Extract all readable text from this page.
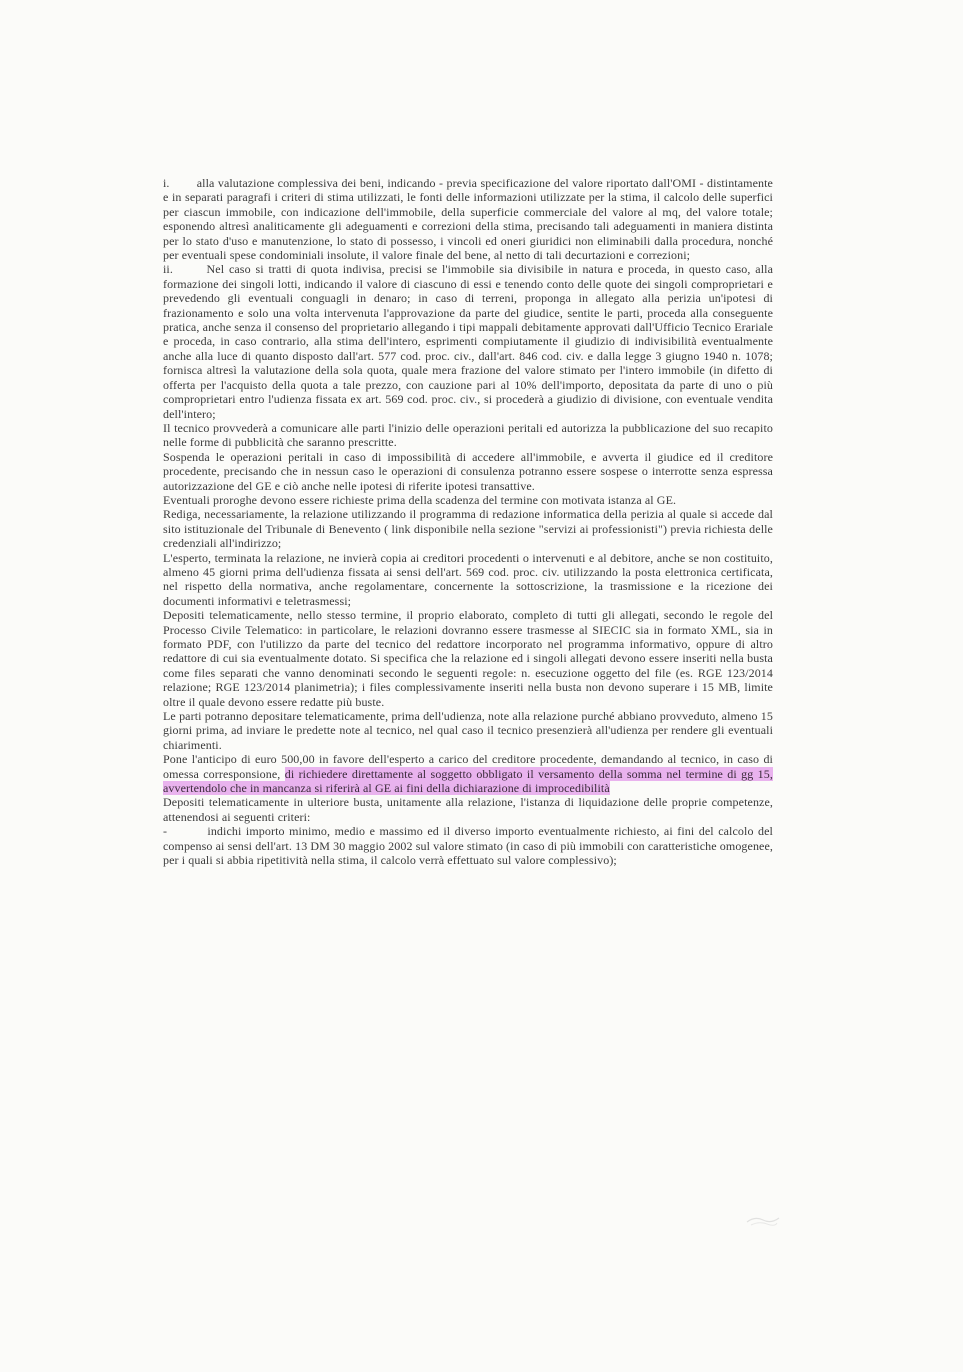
i.        alla valutazione complessiva dei beni, indicando - previa specificazione del valore riportato dall'OMI - distintamente e in separati paragrafi i criteri di stima utilizzati, le fonti delle informazioni utilizzate per la stima, il calcolo delle superfici per ciascun immobile, con indicazione dell'immobile, della superficie commerciale del valore al mq, del valore totale; esponendo altresì analiticamente gli adeguamenti e correzioni della stima, precisando tali adeguamenti in maniera distinta per lo stato d'uso e manutenzione, lo stato di possesso, i vincoli ed oneri giuridici non eliminabili dalla procedura, nonché per eventuali spese condominiali insolute, il valore finale del bene, al netto di tali decurtazioni e correzioni;

ii.       Nel caso si tratti di quota indivisa, precisi se l'immobile sia divisibile in natura e proceda, in questo caso, alla formazione dei singoli lotti, indicando il valore di ciascuno di essi e tenendo conto delle quote dei singoli comproprietari e prevedendo gli eventuali conguagli in denaro; in caso di terreni, proponga in allegato alla perizia un'ipotesi di frazionamento e solo una volta intervenuta l'approvazione da parte del giudice, sentite le parti, proceda alla conseguente pratica, anche senza il consenso del proprietario allegando i tipi mappali debitamente approvati dall'Ufficio Tecnico Erariale e proceda, in caso contrario, alla stima dell'intero, esprimenti compiutamente il giudizio di indivisibilità eventualmente anche alla luce di quanto disposto dall'art. 577 cod. proc. civ., dall'art. 846 cod. civ. e dalla legge 3 giugno 1940 n. 1078; fornisca altresì la valutazione della sola quota, quale mera frazione del valore stimato per l'intero immobile (in difetto di offerta per l'acquisto della quota a tale prezzo, con cauzione pari al 10% dell'importo, depositata da parte di uno o più comproprietari entro l'udienza fissata ex art. 569 cod. proc. civ., si procederà a giudizio di divisione, con eventuale vendita dell'intero;

Il tecnico provvederà a comunicare alle parti l'inizio delle operazioni peritali ed autorizza la pubblicazione del suo recapito nelle forme di pubblicità che saranno prescritte.

Sospenda le operazioni peritali in caso di impossibilità di accedere all'immobile, e avverta il giudice ed il creditore procedente, precisando che in nessun caso le operazioni di consulenza potranno essere sospese o interrotte senza espressa autorizzazione del GE e ciò anche nelle ipotesi di riferite ipotesi transattive.

Eventuali proroghe devono essere richieste prima della scadenza del termine con motivata istanza al GE.

Rediga, necessariamente, la relazione utilizzando il programma di redazione informatica della perizia al quale si accede dal sito istituzionale del Tribunale di Benevento ( link disponibile nella sezione "servizi ai professionisti") previa richiesta delle credenziali all'indirizzo;

L'esperto, terminata la relazione, ne invierà copia ai creditori procedenti o intervenuti e al debitore, anche se non costituito, almeno 45 giorni prima dell'udienza fissata ai sensi dell'art. 569 cod. proc. civ. utilizzando la posta elettronica certificata, nel rispetto della normativa, anche regolamentare, concernente la sottoscrizione, la trasmissione e la ricezione dei documenti informativi e teletrasmessi;

Depositi telematicamente, nello stesso termine, il proprio elaborato, completo di tutti gli allegati, secondo le regole del Processo Civile Telematico: in particolare, le relazioni dovranno essere trasmesse al SIECIC sia in formato XML, sia in formato PDF, con l'utilizzo da parte del tecnico del redattore incorporato nel programma informativo, oppure di altro redattore di cui sia eventualmente dotato. Si specifica che la relazione ed i singoli allegati devono essere inseriti nella busta come files separati che vanno denominati secondo le seguenti regole: n. esecuzione oggetto del file (es. RGE 123/2014 relazione; RGE 123/2014 planimetria); i files complessivamente inseriti nella busta non devono superare i 15 MB, limite oltre il quale devono essere redatte più buste.

Le parti potranno depositare telematicamente, prima dell'udienza, note alla relazione purché abbiano provveduto, almeno 15 giorni prima, ad inviare le predette note al tecnico, nel qual caso il tecnico presenzierà all'udienza per rendere gli eventuali chiarimenti.

Pone l'anticipo di euro 500,00 in favore dell'esperto a carico del creditore procedente, demandando al tecnico, in caso di omessa corresponsione, di richiedere direttamente al soggetto obbligato il versamento della somma nel termine di gg 15, avvertendolo che in mancanza si riferirà al GE ai fini della dichiarazione di improcedibilità

Depositi telematicamente in ulteriore busta, unitamente alla relazione, l'istanza di liquidazione delle proprie competenze, attenendosi ai seguenti criteri:

-         indichi importo minimo, medio e massimo ed il diverso importo eventualmente richiesto, ai fini del calcolo del compenso ai sensi dell'art. 13 DM 30 maggio 2002 sul valore stimato (in caso di più immobili con caratteristiche omogenee, per i quali si abbia ripetitività nella stima, il calcolo verrà effettuato sul valore complessivo);
